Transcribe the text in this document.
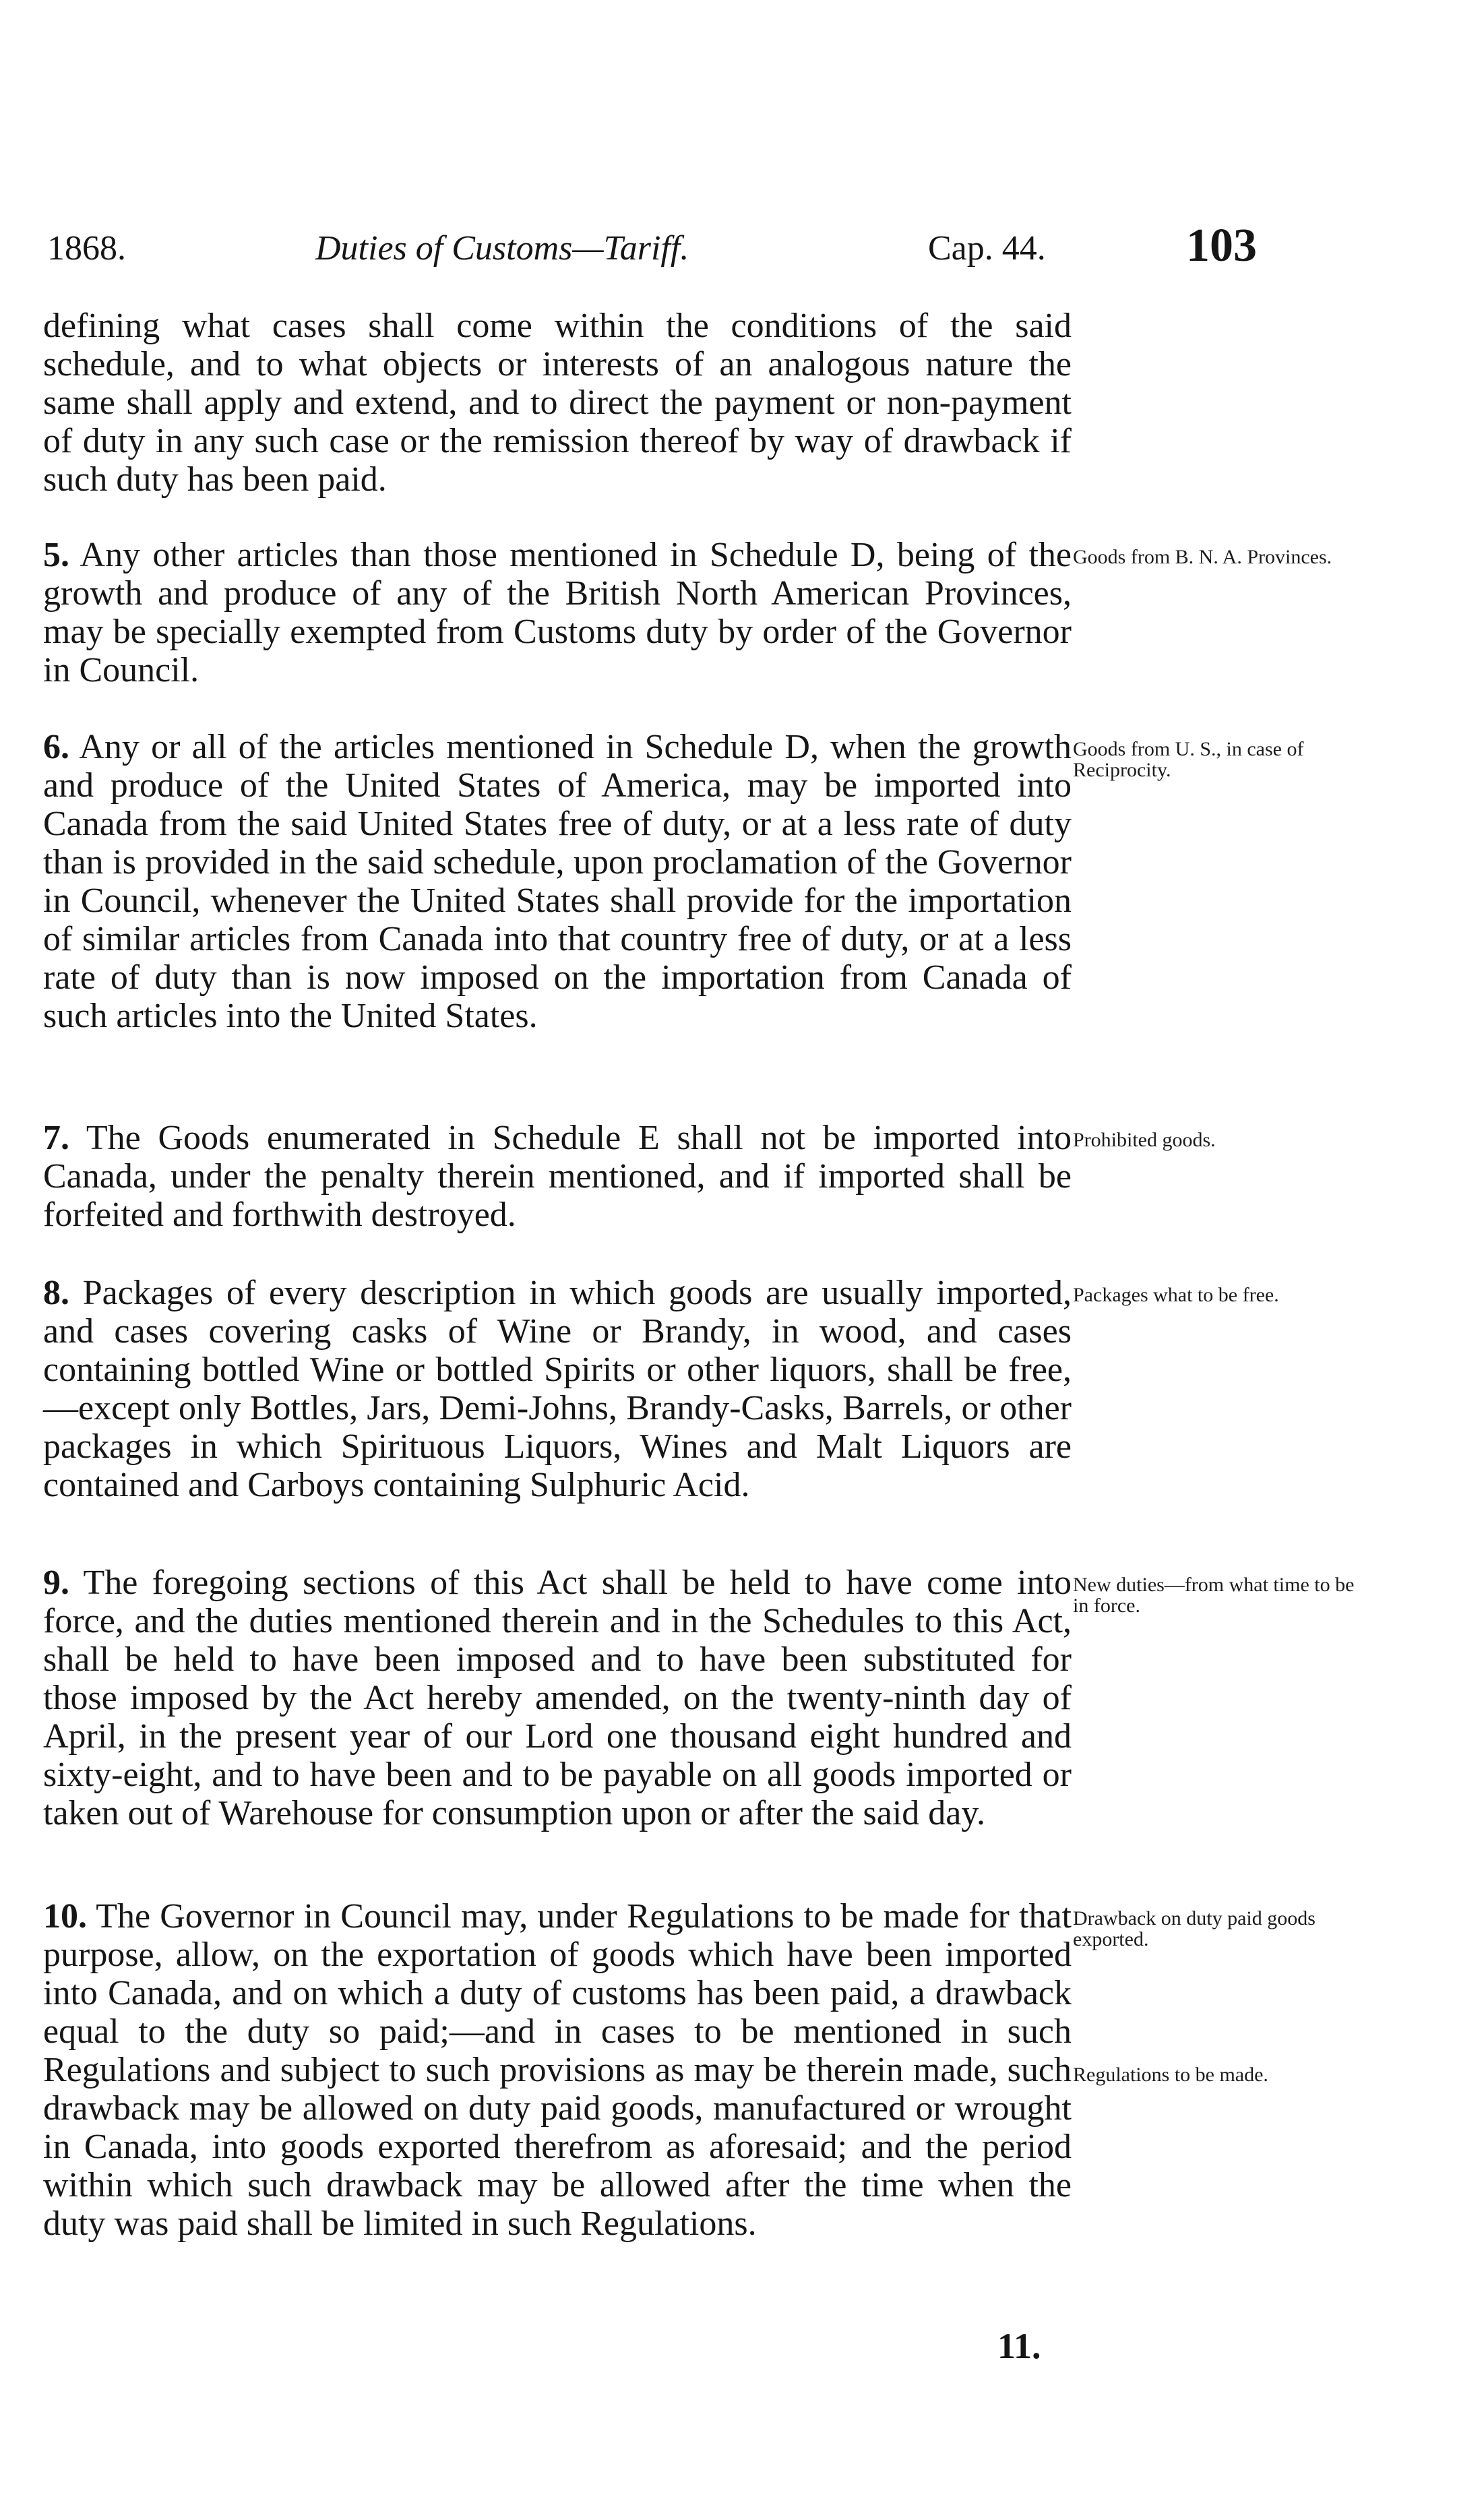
1868.	Duties of Customs—Tariff.	Cap. 44.	103

defining what cases shall come within the conditions of the said schedule, and to what objects or interests of an analogous nature the same shall apply and extend, and to direct the payment or non-payment of duty in any such case or the remission thereof by way of drawback if such duty has been paid.

5. Any other articles than those mentioned in Schedule D, being of the growth and produce of any of the British North American Provinces, may be specially exempted from Customs duty by order of the Governor in Council.

Goods from B. N. A. Provinces.

6. Any or all of the articles mentioned in Schedule D, when the growth and produce of the United States of America, may be imported into Canada from the said United States free of duty, or at a less rate of duty than is provided in the said schedule, upon proclamation of the Governor in Council, whenever the United States shall provide for the importation of similar articles from Canada into that country free of duty, or at a less rate of duty than is now imposed on the importation from Canada of such articles into the United States.

Goods from U. S., in case of Reciprocity.

7. The Goods enumerated in Schedule E shall not be imported into Canada, under the penalty therein mentioned, and if imported shall be forfeited and forthwith destroyed.

Prohibited goods.

8. Packages of every description in which goods are usually imported, and cases covering casks of Wine or Brandy, in wood, and cases containing bottled Wine or bottled Spirits or other liquors, shall be free,—except only Bottles, Jars, Demi-Johns, Brandy-Casks, Barrels, or other packages in which Spirituous Liquors, Wines and Malt Liquors are contained and Carboys containing Sulphuric Acid.

Packages what to be free.

9. The foregoing sections of this Act shall be held to have come into force, and the duties mentioned therein and in the Schedules to this Act, shall be held to have been imposed and to have been substituted for those imposed by the Act hereby amended, on the twenty-ninth day of April, in the present year of our Lord one thousand eight hundred and sixty-eight, and to have been and to be payable on all goods imported or taken out of Warehouse for consumption upon or after the said day.

New duties—from what time to be in force.

10. The Governor in Council may, under Regulations to be made for that purpose, allow, on the exportation of goods which have been imported into Canada, and on which a duty of customs has been paid, a drawback equal to the duty so paid;—and in cases to be mentioned in such Regulations and subject to such provisions as may be therein made, such drawback may be allowed on duty paid goods, manufactured or wrought in Canada, into goods exported therefrom as aforesaid; and the period within which such drawback may be allowed after the time when the duty was paid shall be limited in such Regulations.

Drawback on duty paid goods exported.
Regulations to be made.
11.
